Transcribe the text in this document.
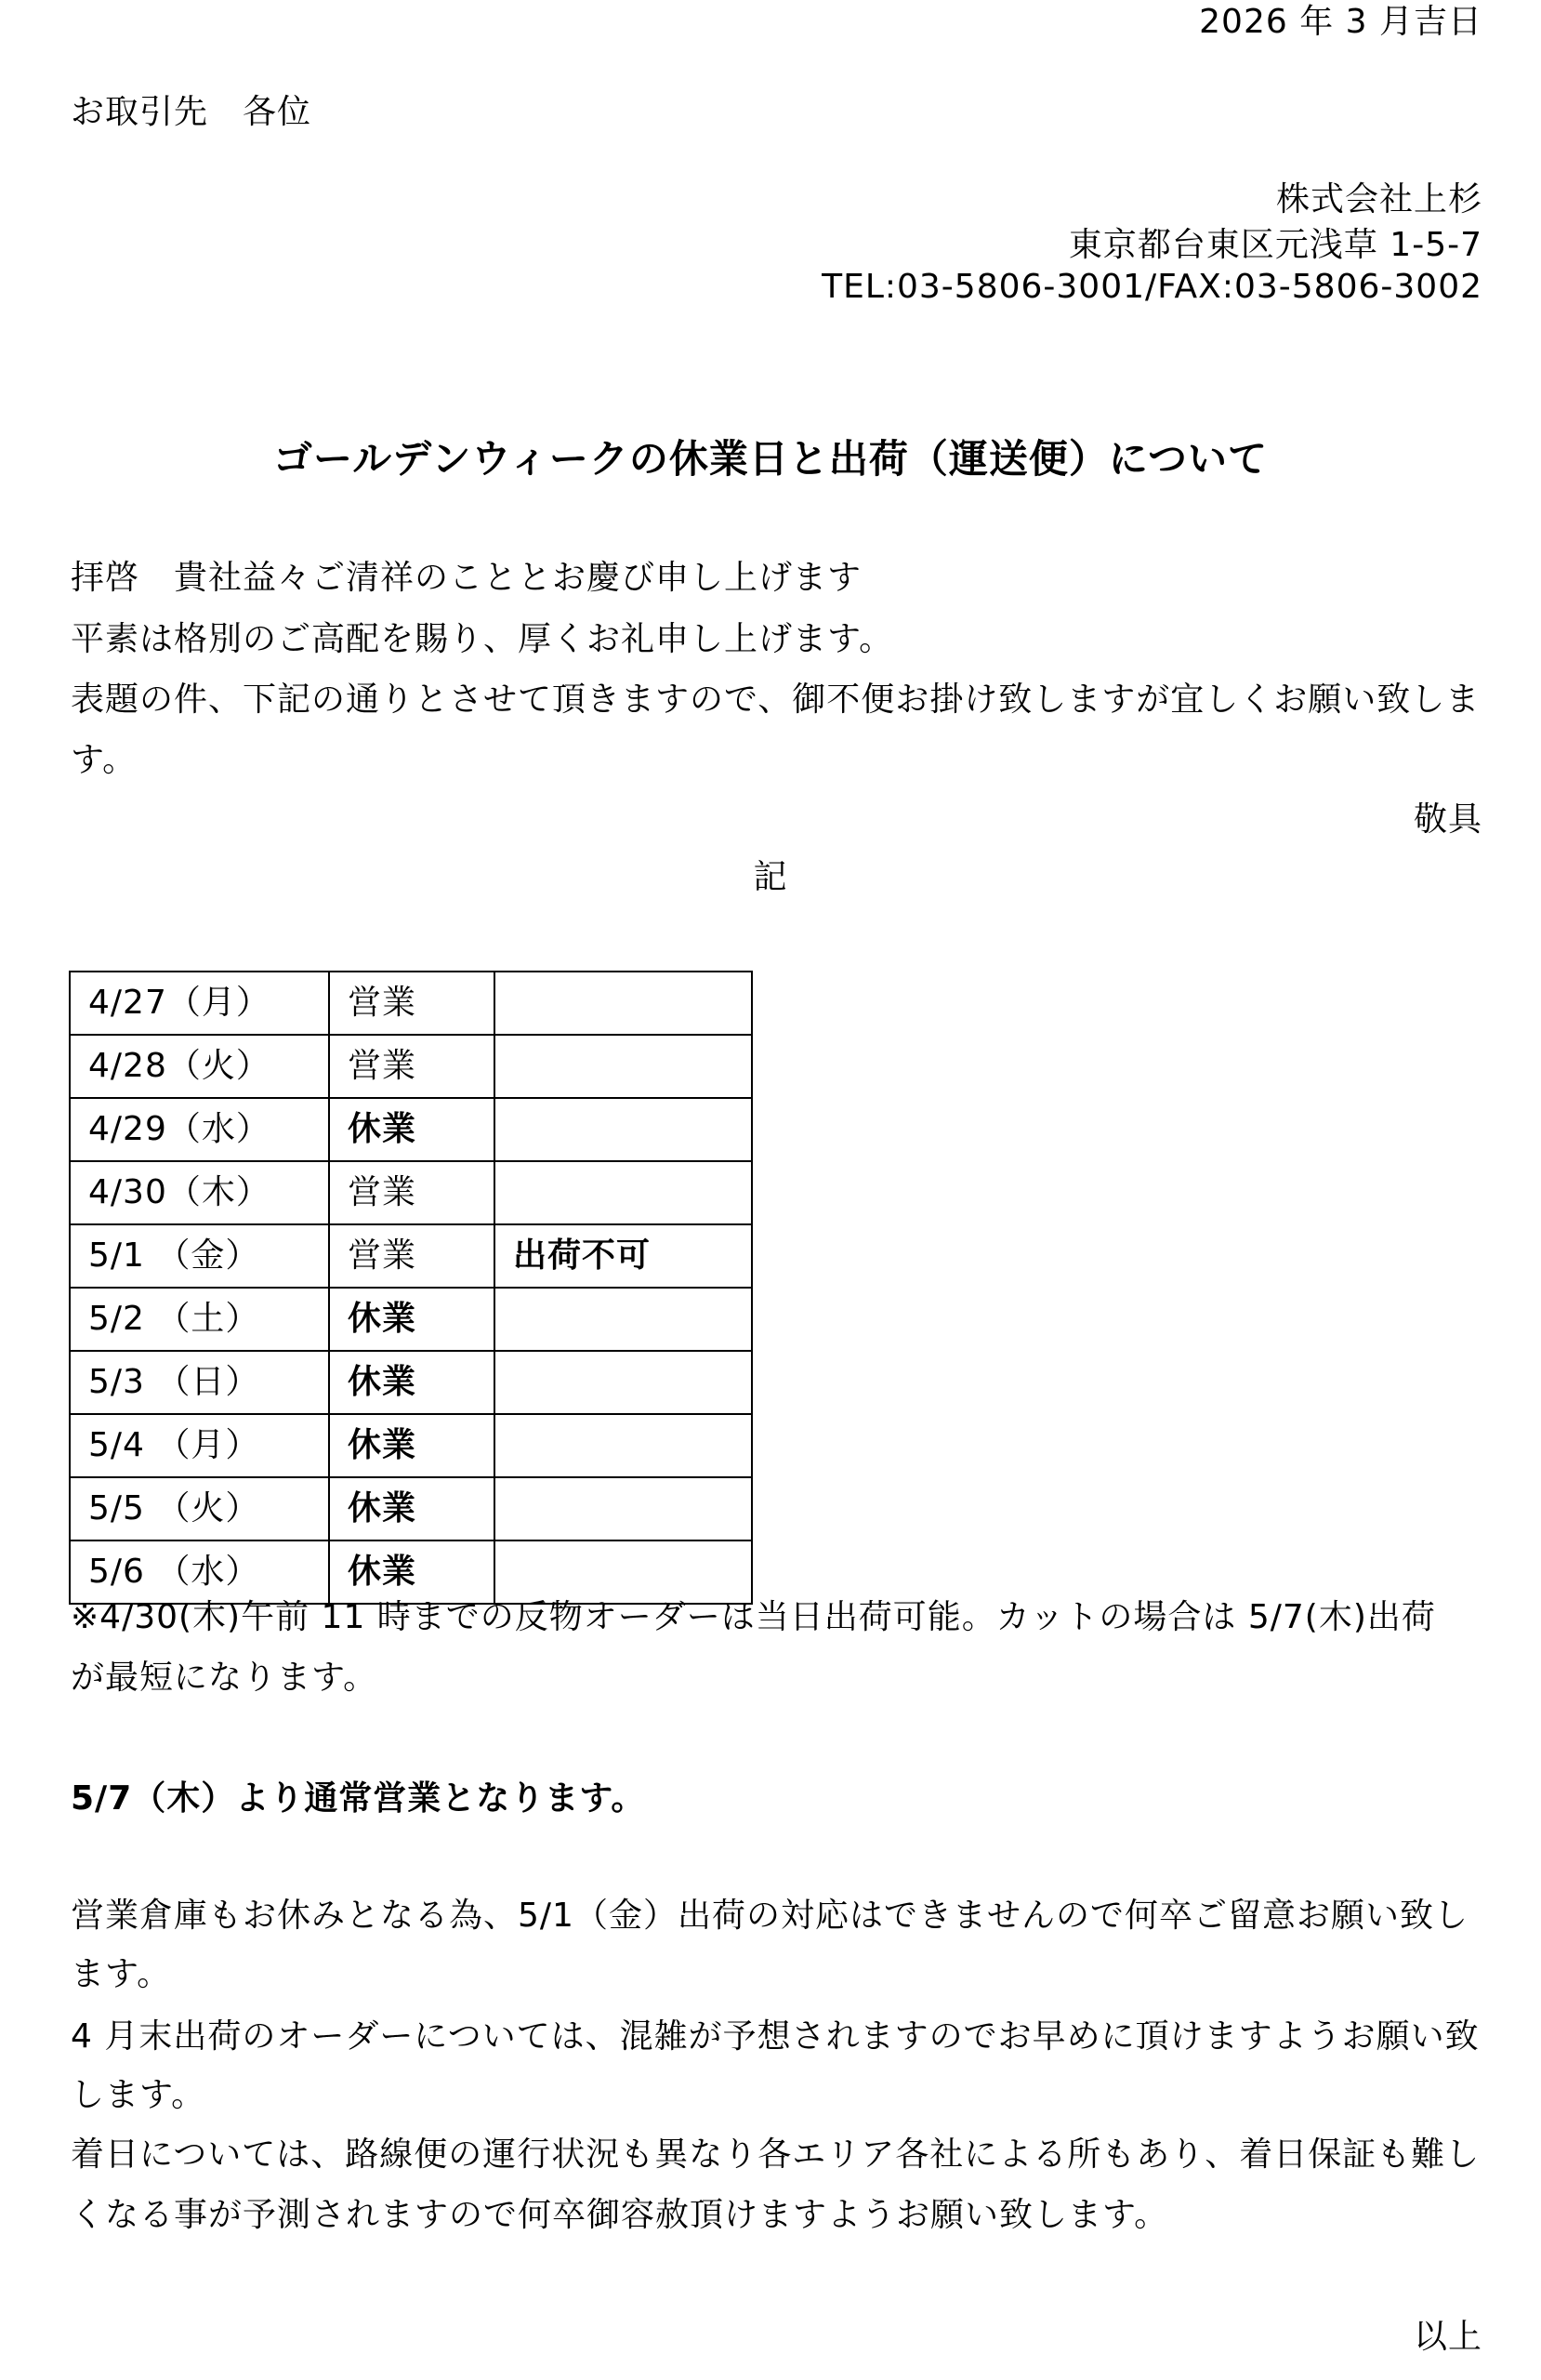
2026 年 3 月吉日
お取引先　各位
株式会社上杉
東京都台東区元浅草 1-5-7
TEL:03-5806-3001/FAX:03-5806-3002
ゴールデンウィークの休業日と出荷（運送便）について
拝啓　貴社益々ご清祥のこととお慶び申し上げます
平素は格別のご高配を賜り、厚くお礼申し上げます。
表題の件、下記の通りとさせて頂きますので、御不便お掛け致しますが宜しくお願い致しま
す。
敬具
記
4/27（月）	営業	
4/28（火）	営業	
4/29（水）	休業	
4/30（木）	営業	
5/1 （金）	営業	出荷不可
5/2 （土）	休業	
5/3 （日）	休業	
5/4 （月）	休業	
5/5 （火）	休業	
5/6 （水）	休業	
※4/30(木)午前 11 時までの反物オーダーは当日出荷可能。カットの場合は 5/7(木)出荷
が最短になります。
5/7（木）より通常営業となります。
営業倉庫もお休みとなる為、5/1（金）出荷の対応はできませんので何卒ご留意お願い致し
ます。
4 月末出荷のオーダーについては、混雑が予想されますのでお早めに頂けますようお願い致
します。
着日については、路線便の運行状況も異なり各エリア各社による所もあり、着日保証も難し
くなる事が予測されますので何卒御容赦頂けますようお願い致します。
以上
